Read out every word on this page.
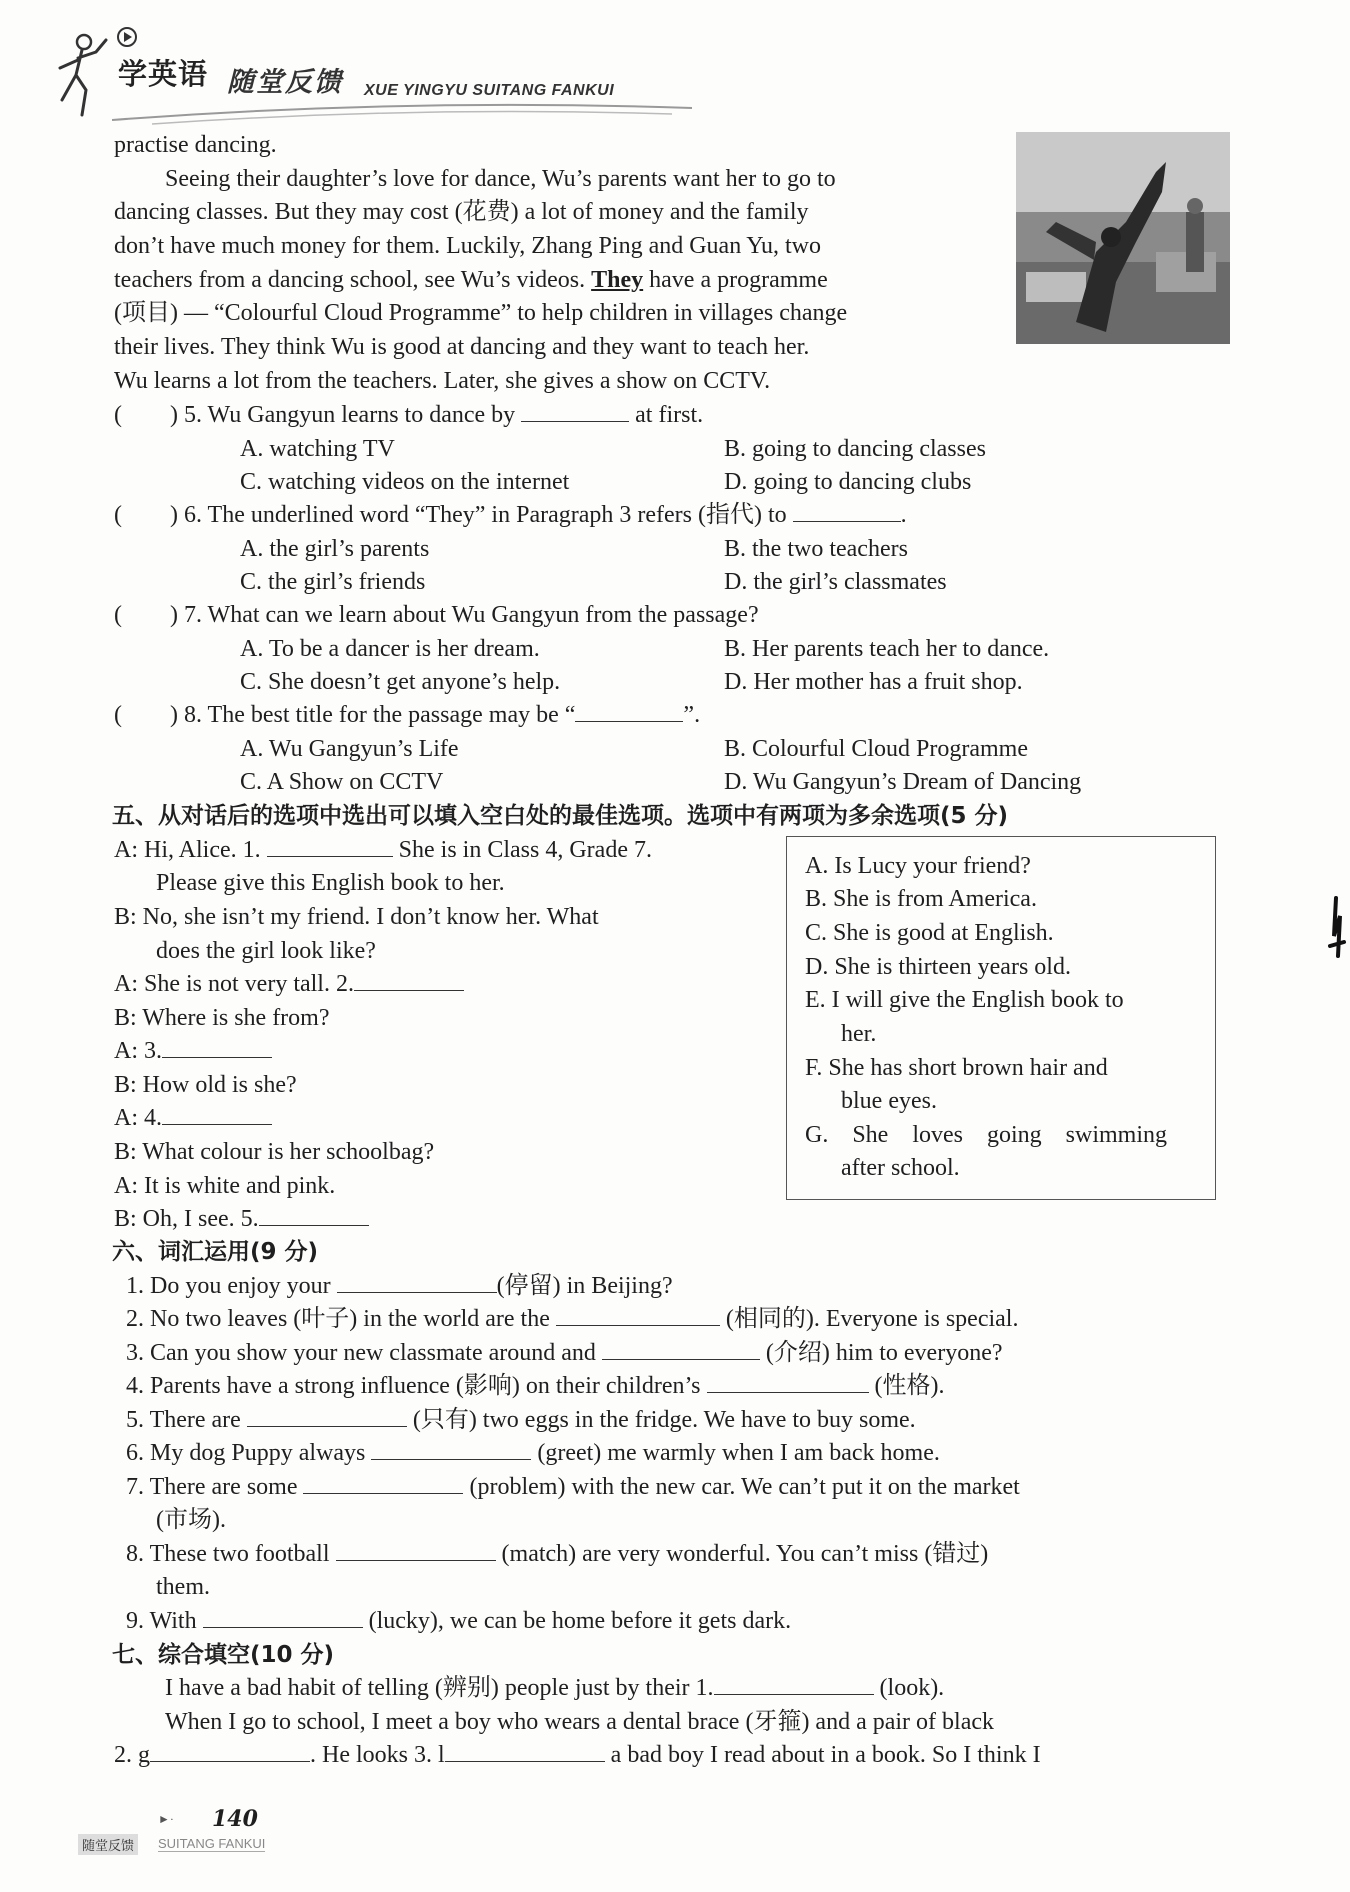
学英语 随堂反馈 XUE YINGYU SUITANG FANKUI
practise dancing.
Seeing their daughter’s love for dance, Wu’s parents want her to go to
dancing classes. But they may cost (花费) a lot of money and the family
don’t have much money for them. Luckily, Zhang Ping and Guan Yu, two
teachers from a dancing school, see Wu’s videos. They have a programme
(项目) — “Colourful Cloud Programme” to help children in villages change
their lives. They think Wu is good at dancing and they want to teach her.
Wu learns a lot from the teachers. Later, she gives a show on CCTV.
(　　) 5. Wu Gangyun learns to dance by	at first.
A. watching TV	B. going to dancing classes
C. watching videos on the internet	D. going to dancing clubs
(　　) 6. The underlined word “They” in Paragraph 3 refers (指代) to	.
A. the girl’s parents	B. the two teachers
C. the girl’s friends	D. the girl’s classmates
(　　) 7. What can we learn about Wu Gangyun from the passage?
A. To be a dancer is her dream.	B. Her parents teach her to dance.
C. She doesn’t get anyone’s help.	D. Her mother has a fruit shop.
(　　) 8. The best title for the passage may be “	”.
A. Wu Gangyun’s Life	B. Colourful Cloud Programme
C. A Show on CCTV	D. Wu Gangyun’s Dream of Dancing
五、从对话后的选项中选出可以填入空白处的最佳选项。选项中有两项为多余选项(5 分)
A: Hi, Alice. 1.	She is in Class 4, Grade 7.
Please give this English book to her.
B: No, she isn’t my friend. I don’t know her. What
does the girl look like?
A: She is not very tall. 2.
B: Where is she from?
A: 3.
B: How old is she?
A: 4.
B: What colour is her schoolbag?
A: It is white and pink.
B: Oh, I see. 5.
A. Is Lucy your friend?
B. She is from America.
C. She is good at English.
D. She is thirteen years old.
E. I will give the English book to
her.
F. She has short brown hair and
blue eyes.
G. She loves going swimming
after school.
六、词汇运用(9 分)
1. Do you enjoy your	(停留) in Beijing?
2. No two leaves (叶子) in the world are the	(相同的). Everyone is special.
3. Can you show your new classmate around and	(介绍) him to everyone?
4. Parents have a strong influence (影响) on their children’s	(性格).
5. There are	(只有) two eggs in the fridge. We have to buy some.
6. My dog Puppy always	(greet) me warmly when I am back home.
7. There are some	(problem) with the new car. We can’t put it on the market
(市场).
8. These two football	(match) are very wonderful. You can’t miss (错过)
them.
9. With	(lucky), we can be home before it gets dark.
七、综合填空(10 分)
I have a bad habit of telling (辨别) people just by their 1.	(look).
When I go to school, I meet a boy who wears a dental brace (牙箍) and a pair of black
2. g	. He looks 3. l	a bad boy I read about in a book. So I think I
►· 140
随堂反馈	SUITANG FANKUI
